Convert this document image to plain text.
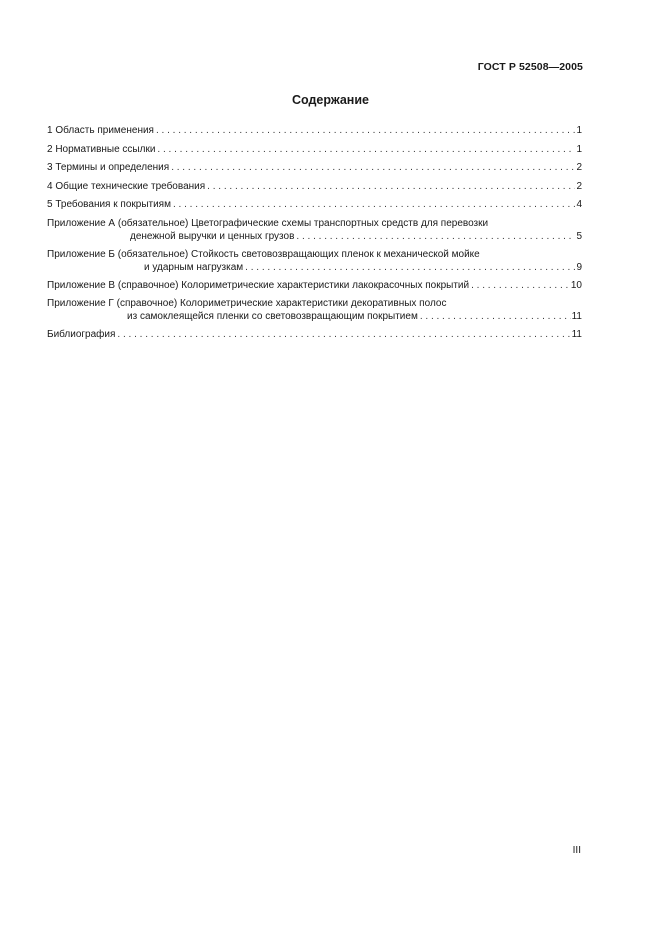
ГОСТ Р 52508—2005
Содержание
1 Область применения . . .	1
2 Нормативные ссылки . . .	1
3 Термины и определения . . .	2
4 Общие технические требования . . .	2
5 Требования к покрытиям . . .	4
Приложение А (обязательное) Цветографические схемы транспортных средств для перевозки
денежной выручки и ценных грузов . . .	5
Приложение Б (обязательное) Стойкость световозвращающих пленок к механической мойке
и ударным нагрузкам . . .	9
Приложение В (справочное) Колориметрические характеристики лакокрасочных покрытий . . .	10
Приложение Г (справочное) Колориметрические характеристики декоративных полос
из самоклеящейся пленки со световозвращающим покрытием . . .	11
Библиография . . .	11
III
